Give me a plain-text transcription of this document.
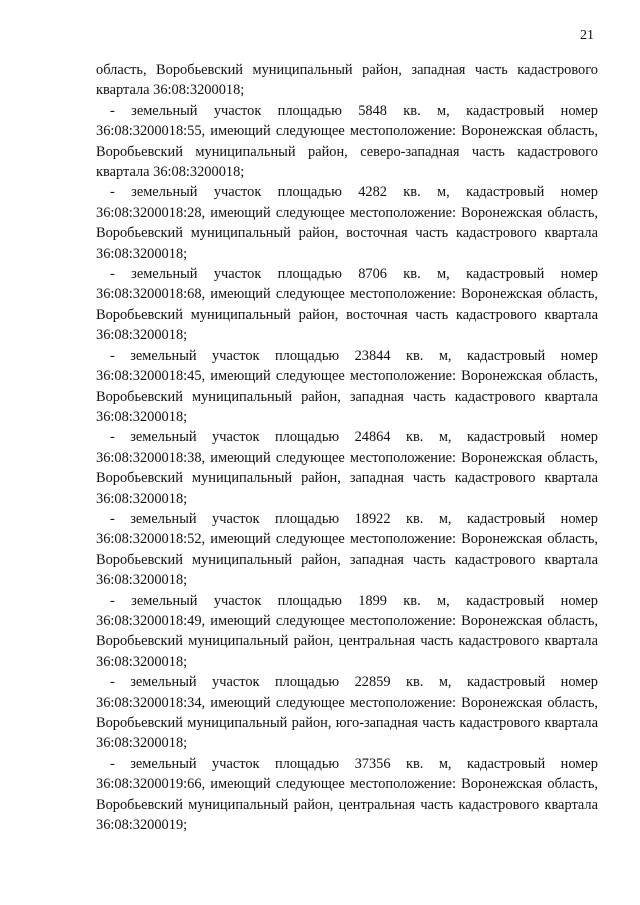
21

область, Воробьевский муниципальный район, западная часть кадастрового квартала 36:08:3200018;

- земельный участок площадью 5848 кв. м, кадастровый номер 36:08:3200018:55, имеющий следующее местоположение: Воронежская область, Воробьевский муниципальный район, северо-западная часть кадастрового квартала 36:08:3200018;

- земельный участок площадью 4282 кв. м, кадастровый номер 36:08:3200018:28, имеющий следующее местоположение: Воронежская область, Воробьевский муниципальный район, восточная часть кадастрового квартала 36:08:3200018;

- земельный участок площадью 8706 кв. м, кадастровый номер 36:08:3200018:68, имеющий следующее местоположение: Воронежская область, Воробьевский муниципальный район, восточная часть кадастрового квартала 36:08:3200018;

- земельный участок площадью 23844 кв. м, кадастровый номер 36:08:3200018:45, имеющий следующее местоположение: Воронежская область, Воробьевский муниципальный район, западная часть кадастрового квартала 36:08:3200018;

- земельный участок площадью 24864 кв. м, кадастровый номер 36:08:3200018:38, имеющий следующее местоположение: Воронежская область, Воробьевский муниципальный район, западная часть кадастрового квартала 36:08:3200018;

- земельный участок площадью 18922 кв. м, кадастровый номер 36:08:3200018:52, имеющий следующее местоположение: Воронежская область, Воробьевский муниципальный район, западная часть кадастрового квартала 36:08:3200018;

- земельный участок площадью 1899 кв. м, кадастровый номер 36:08:3200018:49, имеющий следующее местоположение: Воронежская область, Воробьевский муниципальный район, центральная часть кадастрового квартала 36:08:3200018;

- земельный участок площадью 22859 кв. м, кадастровый номер 36:08:3200018:34, имеющий следующее местоположение: Воронежская область, Воробьевский муниципальный район, юго-западная часть кадастрового квартала 36:08:3200018;

- земельный участок площадью 37356 кв. м, кадастровый номер 36:08:3200019:66, имеющий следующее местоположение: Воронежская область, Воробьевский муниципальный район, центральная часть кадастрового квартала 36:08:3200019;
